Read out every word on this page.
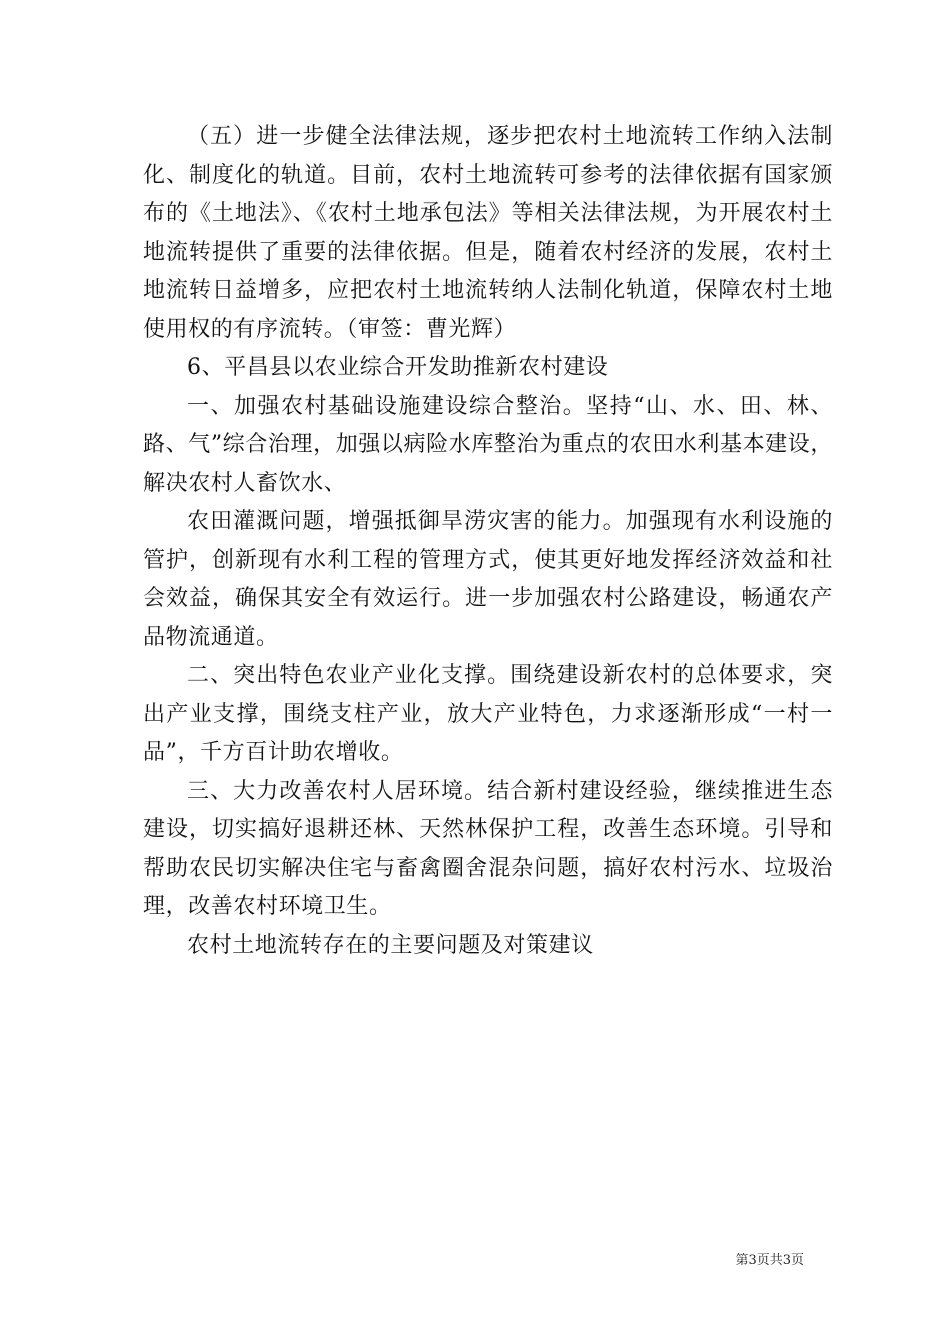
（五）进一步健全法律法规，逐步把农村土地流转工作纳入法制化、制度化的轨道。目前，农村土地流转可参考的法律依据有国家颁布的《土地法》、《农村土地承包法》等相关法律法规，为开展农村土地流转提供了重要的法律依据。但是，随着农村经济的发展，农村土地流转日益增多，应把农村土地流转纳人法制化轨道，保障农村土地使用权的有序流转。（审签：曹光辉）

6、平昌县以农业综合开发助推新农村建设

一、加强农村基础设施建设综合整治。坚持“山、水、田、林、路、气”综合治理，加强以病险水库整治为重点的农田水利基本建设，解决农村人畜饮水、

农田灌溉问题，增强抵御旱涝灾害的能力。加强现有水利设施的管护，创新现有水利工程的管理方式，使其更好地发挥经济效益和社会效益，确保其安全有效运行。进一步加强农村公路建设，畅通农产品物流通道。

二、突出特色农业产业化支撑。围绕建设新农村的总体要求，突出产业支撑，围绕支柱产业，放大产业特色，力求逐渐形成“一村一品”，千方百计助农增收。

三、大力改善农村人居环境。结合新村建设经验，继续推进生态建设，切实搞好退耕还林、天然林保护工程，改善生态环境。引导和帮助农民切实解决住宅与畜禽圈舍混杂问题，搞好农村污水、垃圾治理，改善农村环境卫生。

农村土地流转存在的主要问题及对策建议

第3页共3页
